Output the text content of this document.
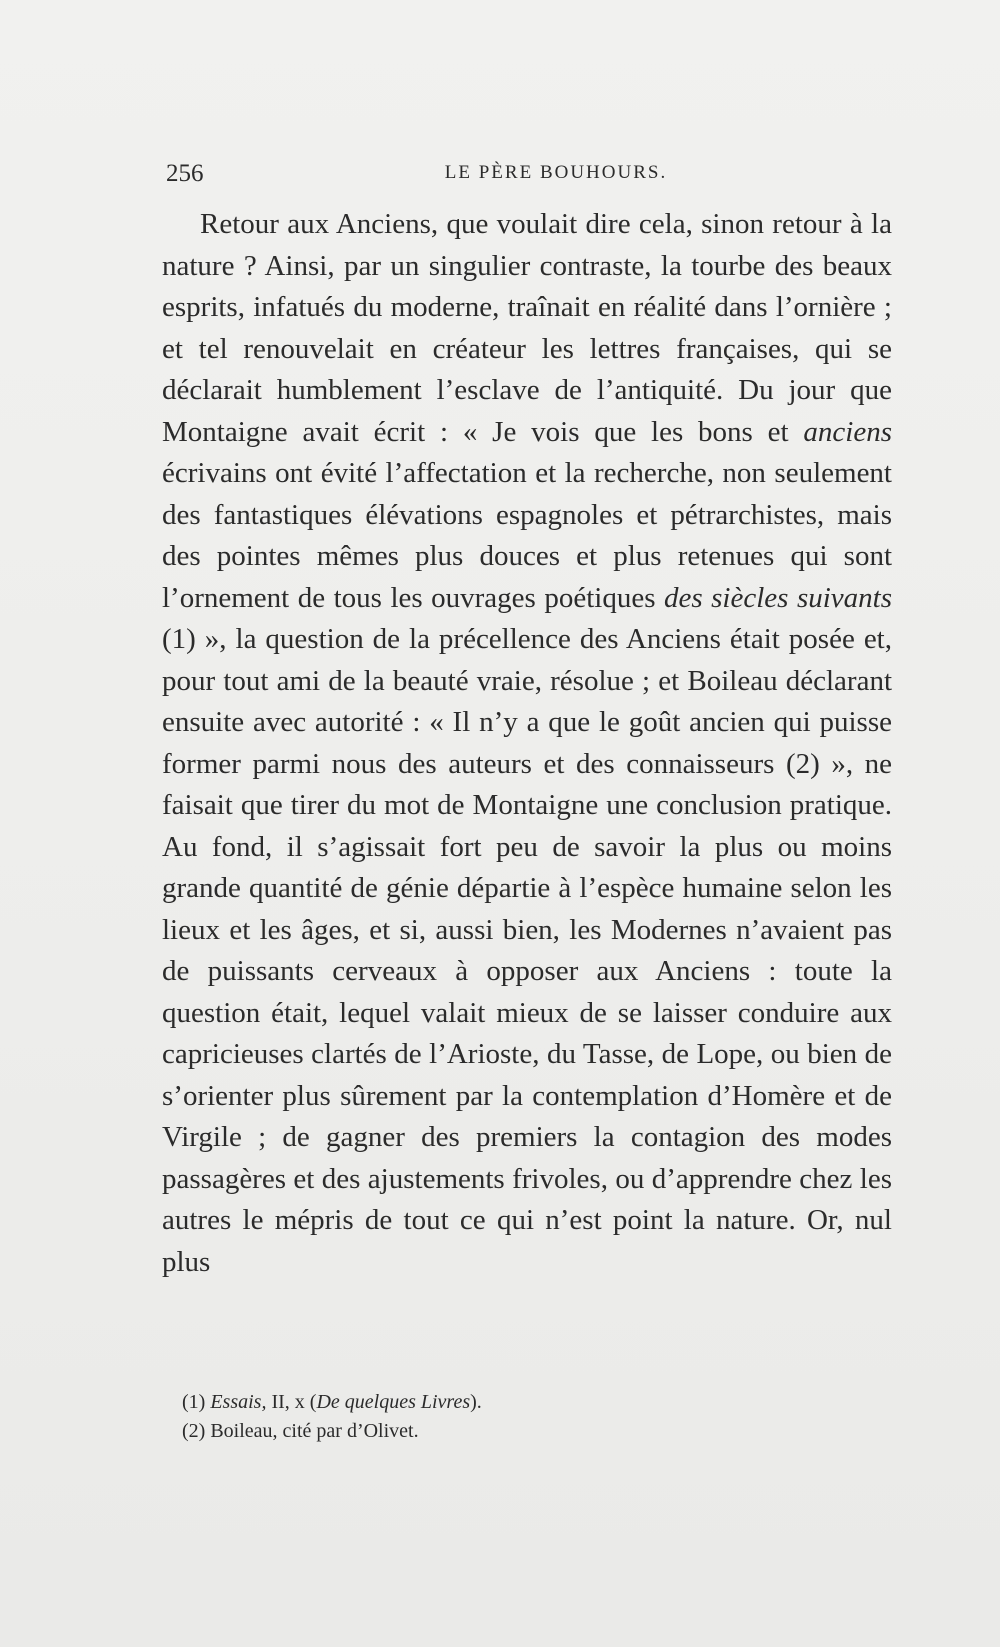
256	LE PÈRE BOUHOURS.

Retour aux Anciens, que voulait dire cela, sinon retour à la nature ? Ainsi, par un singulier contraste, la tourbe des beaux esprits, infatués du moderne, traînait en réalité dans l’ornière ; et tel renouvelait en créateur les lettres françaises, qui se déclarait humblement l’esclave de l’antiquité. Du jour que Montaigne avait écrit : « Je vois que les bons et anciens écrivains ont évité l’affectation et la recherche, non seulement des fantastiques élévations espagnoles et pétrarchistes, mais des pointes mêmes plus douces et plus retenues qui sont l’ornement de tous les ouvrages poétiques des siècles suivants (1) », la question de la précellence des Anciens était posée et, pour tout ami de la beauté vraie, résolue ; et Boileau déclarant ensuite avec autorité : « Il n’y a que le goût ancien qui puisse former parmi nous des auteurs et des connaisseurs (2) », ne faisait que tirer du mot de Montaigne une conclusion pratique. Au fond, il s’agissait fort peu de savoir la plus ou moins grande quantité de génie départie à l’espèce humaine selon les lieux et les âges, et si, aussi bien, les Modernes n’avaient pas de puissants cerveaux à opposer aux Anciens : toute la question était, lequel valait mieux de se laisser conduire aux capricieuses clartés de l’Arioste, du Tasse, de Lope, ou bien de s’orienter plus sûrement par la contemplation d’Homère et de Virgile ; de gagner des premiers la contagion des modes passagères et des ajustements frivoles, ou d’apprendre chez les autres le mépris de tout ce qui n’est point la nature. Or, nul plus

(1) Essais, II, x (De quelques Livres).
(2) Boileau, cité par d’Olivet.
